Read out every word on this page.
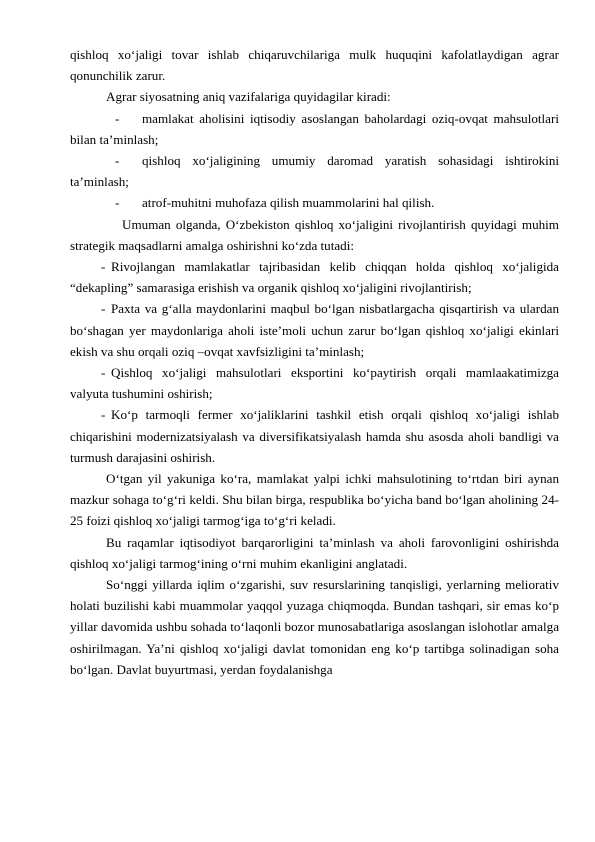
qishloq xo‘jaligi tovar ishlab chiqaruvchilariga mulk huquqini kafolatlaydigan agrar qonunchilik zarur.

Agrar siyosatning aniq vazifalariga quyidagilar kiradi:

- mamlakat aholisini iqtisodiy asoslangan baholardagi oziq-ovqat mahsulotlari bilan ta’minlash;

- qishloq xo‘jaligining umumiy daromad yaratish sohasidagi ishtirokini ta’minlash;

- atrof-muhitni muhofaza qilish muammolarini hal qilish.

Umuman olganda, O‘zbekiston qishloq xo‘jaligini rivojlantirish quyidagi muhim strategik maqsadlarni amalga oshirishni ko‘zda tutadi:

- Rivojlangan mamlakatlar tajribasidan kelib chiqqan holda qishloq xo‘jaligida “dekapling” samarasiga erishish va organik qishloq xo‘jaligini rivojlantirish;

- Paxta va g‘alla maydonlarini maqbul bo‘lgan nisbatlargacha qisqartirish va ulardan bo‘shagan yer maydonlariga aholi iste’moli uchun zarur bo‘lgan qishloq xo‘jaligi ekinlari ekish va shu orqali oziq –ovqat xavfsizligini ta’minlash;

- Qishloq xo‘jaligi mahsulotlari eksportini ko‘paytirish orqali mamlaakatimizga valyuta tushumini oshirish;

- Ko‘p tarmoqli fermer xo‘jaliklarini tashkil etish orqali qishloq xo‘jaligi ishlab chiqarishini modernizatsiyalash va diversifikatsiyalash hamda shu asosda aholi bandligi va turmush darajasini oshirish.

O‘tgan yil yakuniga ko‘ra, mamlakat yalpi ichki mahsulotining to‘rtdan biri aynan mazkur sohaga to‘g‘ri keldi. Shu bilan birga, respublika bo‘yicha band bo‘lgan aholining 24-25 foizi qishloq xo‘jaligi tarmog‘iga to‘g‘ri keladi.

Bu raqamlar iqtisodiyot barqarorligini ta’minlash va aholi farovonligini oshirishda qishloq xo‘jaligi tarmog‘ining o‘rni muhim ekanligini anglatadi.

So‘nggi yillarda iqlim o‘zgarishi, suv resurslarining tanqisligi, yerlarning meliorativ holati buzilishi kabi muammolar yaqqol yuzaga chiqmoqda. Bundan tashqari, sir emas ko‘p yillar davomida ushbu sohada to‘laqonli bozor munosabatlariga asoslangan islohotlar amalga oshirilmagan. Ya’ni qishloq xo‘jaligi davlat tomonidan eng ko‘p tartibga solinadigan soha bo‘lgan. Davlat buyurtmasi, yerdan foydalanishga
